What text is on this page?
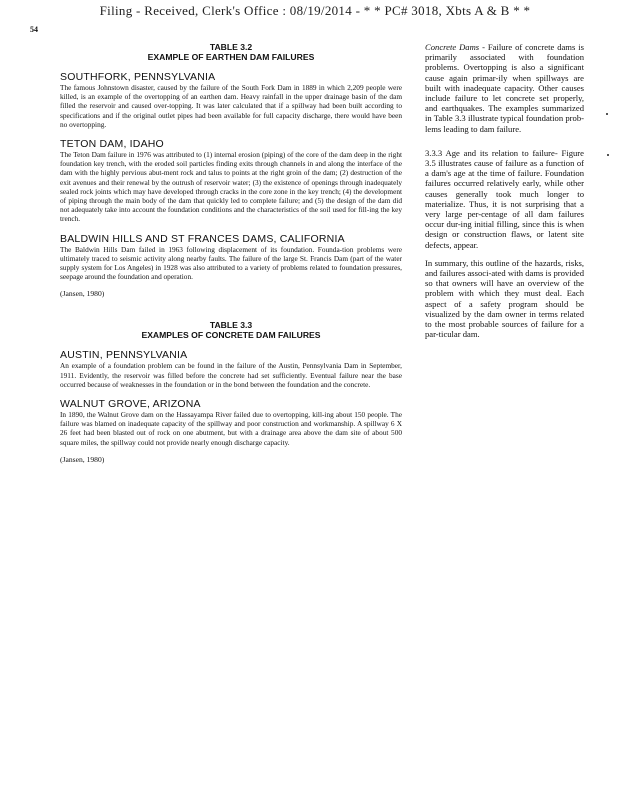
Filing - Received, Clerk's Office : 08/19/2014 - * * PC# 3018, Xbts A & B * *
54
TABLE 3.2
EXAMPLE OF EARTHEN DAM FAILURES
SOUTHFORK, PENNSYLVANIA
The famous Johnstown disaster, caused by the failure of the South Fork Dam in 1889 in which 2,209 people were killed, is an example of the overtopping of an earthen dam. Heavy rainfall in the upper drainage basin of the dam filled the reservoir and caused over-topping. It was later calculated that if a spillway had been built according to specifications and if the original outlet pipes had been available for full capacity discharge, there would have been no overtopping.
TETON DAM, IDAHO
The Teton Dam failure in 1976 was attributed to (1) internal erosion (piping) of the core of the dam deep in the right foundation key trench, with the eroded soil particles finding exits through channels in and along the interface of the dam with the highly pervious abut-ment rock and talus to points at the right groin of the dam; (2) destruction of the exit avenues and their renewal by the outrush of reservoir water; (3) the existence of openings through inadequately sealed rock joints which may have developed through cracks in the core zone in the key trench; (4) the development of piping through the main body of the dam that quickly led to complete failure; and (5) the design of the dam did not adequately take into account the foundation conditions and the characteristics of the soil used for fill-ing the key trench.
BALDWIN HILLS AND ST FRANCES DAMS, CALIFORNIA
The Baldwin Hills Dam failed in 1963 following displacement of its foundation. Founda-tion problems were ultimately traced to seismic activity along nearby faults. The failure of the large St. Francis Dam (part of the water supply system for Los Angeles) in 1928 was also attributed to a variety of problems related to foundation pressures, seepage around the foundation and operation.
(Jansen, 1980)
TABLE 3.3
EXAMPLES OF CONCRETE DAM FAILURES
AUSTIN, PENNSYLVANIA
An example of a foundation problem can be found in the failure of the Austin, Pennsylvania Dam in September, 1911. Evidently, the reservoir was filled before the concrete had set sufficiently. Eventual failure near the base occurred because of weaknesses in the foundation or in the bond between the foundation and the concrete.
WALNUT GROVE, ARIZONA
In 1890, the Walnut Grove dam on the Hassayampa River failed due to overtopping, kill-ing about 150 people. The failure was blamed on inadequate capacity of the spillway and poor construction and workmanship. A spillway 6 X 26 feet had been blasted out of rock on one abutment, but with a drainage area above the dam site of about 500 square miles, the spillway could not provide nearly enough discharge capacity.
(Jansen, 1980)

Concrete Dams - Failure of concrete dams is primarily associated with foundation problems. Overtopping is also a significant cause again primar-ily when spillways are built with inadequate capacity. Other causes include failure to let concrete set properly, and earthquakes. The examples summarized in Table 3.3 illustrate typical foundation prob-lems leading to dam failure.

3.3.3 Age and its relation to failure- Figure 3.5 illustrates cause of failure as a function of a dam's age at the time of failure. Foundation failures occurred relatively early, while other causes generally took much longer to materialize. Thus, it is not surprising that a very large per-centage of all dam failures occur dur-ing initial filling, since this is when design or construction flaws, or latent site defects, appear.

In summary, this outline of the hazards, risks, and failures associ-ated with dams is provided so that owners will have an overview of the problem with which they must deal. Each aspect of a safety program should be visualized by the dam owner in terms related to the most probable sources of failure for a par-ticular dam.
